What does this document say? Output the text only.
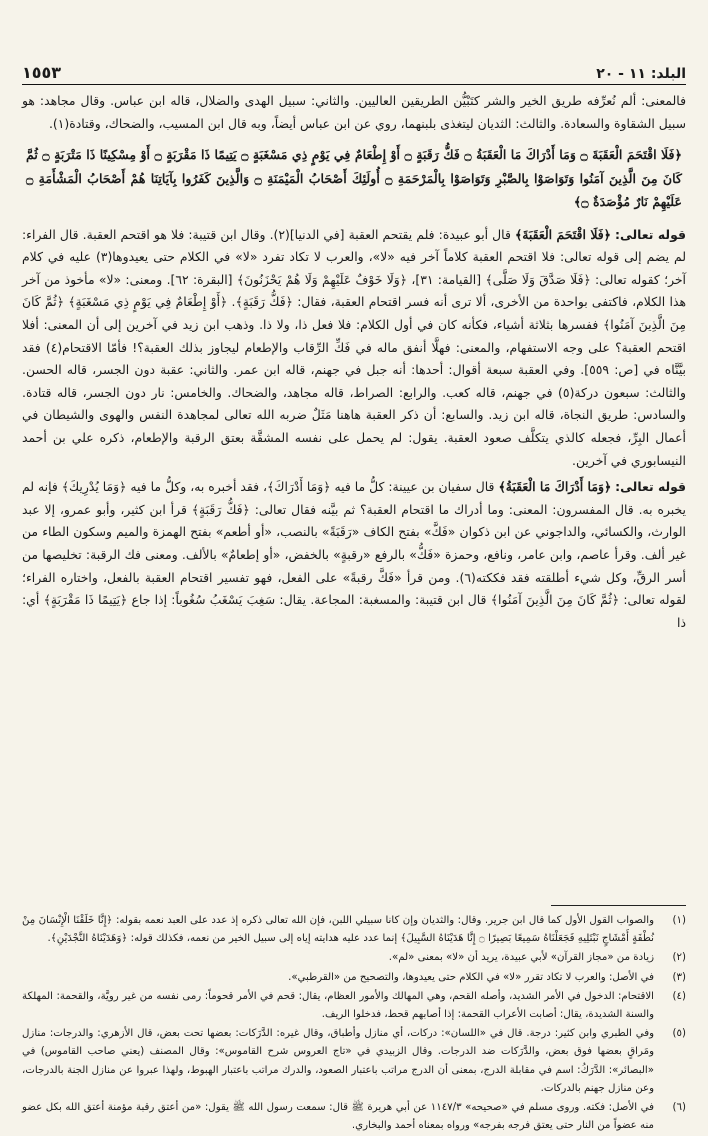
البلد: ١١ - ٢٠
١٥٥٣

فالمعنى: ألم نُعرِّفه طريق الخير والشر كتَبْيُّن الطريقين العاليين. والثاني: سبيل الهدى والضلال، قاله ابن عباس. وقال مجاهد: هو سبيل الشقاوة والسعادة. والثالث: الثديان ليتغذى بلبنهما، روي عن ابن عباس أيضاً، وبه قال ابن المسيب، والضحاك، وقتادة(١).

﴿فَلَا اقْتَحَمَ الْعَقَبَةَ ۝ وَمَا أَدْرَاكَ مَا الْعَقَبَةُ ۝ فَكُّ رَقَبَةٍ ۝ أَوْ إِطْعَامٌ فِي يَوْمٍ ذِي مَسْغَبَةٍ ۝ يَتِيمًا ذَا مَقْرَبَةٍ ۝ أَوْ مِسْكِينًا ذَا مَتْرَبَةٍ ۝ ثُمَّ كَانَ مِنَ الَّذِينَ آمَنُوا وَتَوَاصَوْا بِالصَّبْرِ وَتَوَاصَوْا بِالْمَرْحَمَةِ ۝ أُولَئِكَ أَصْحَابُ الْمَيْمَنَةِ ۝ وَالَّذِينَ كَفَرُوا بِآيَاتِنَا هُمْ أَصْحَابُ الْمَشْأَمَةِ ۝ عَلَيْهِمْ نَارٌ مُؤْصَدَةٌ ۝﴾

قوله تعالى: ﴿فَلَا اقْتَحَمَ الْعَقَبَةَ﴾ قال أبو عبيدة: فلم يقتحم العقبة [في الدنيا](٢). وقال ابن قتيبة: فلا هو اقتحم العقبة. قال الفراء: لم يضم إلى قوله تعالى: فلا اقتحم العقبة كلاماً آخر فيه «لا»، والعرب لا تكاد تفرد «لا» في الكلام حتى يعيدوها(٣) عليه في كلام آخر؛ كقوله تعالى: ﴿فَلَا صَدَّقَ وَلَا صَلَّى﴾ [القيامة: ٣١]، ﴿وَلَا خَوْفٌ عَلَيْهِمْ وَلَا هُمْ يَحْزَنُونَ﴾ [البقرة: ٦٢]. ومعنى: «لا» مأخوذ من آخر هذا الكلام، فاكتفى بواحدة من الأخرى، ألا ترى أنه فسر اقتحام العقبة، فقال: ﴿فَكُّ رَقَبَةٍ﴾. ﴿أَوْ إِطْعَامٌ فِي يَوْمٍ ذِي مَسْغَبَةٍ﴾ ﴿ثُمَّ كَانَ مِنَ الَّذِينَ آمَنُوا﴾ ففسرها بثلاثة أشياء، فكأنه كان في أول الكلام: فلا فعل ذا، ولا ذا. وذهب ابن زيد في آخرين إلى أن المعنى: أفلا اقتحم العقبة؟ على وجه الاستفهام، والمعنى: فهلَّا أنفق ماله في فَكِّ الرِّقاب والإطعام ليجاوز بذلك العقبة؟! فأمّا الاقتحام(٤) فقد بيَّنَّاه في [ص: ٥٥٩]. وفي العقبة سبعة أقوال: أحدها: أنه جبل في جهنم، قاله ابن عمر. والثاني: عقبة دون الجسر، قاله الحسن. والثالث: سبعون دركة(٥) في جهنم، قاله كعب. والرابع: الصراط، قاله مجاهد، والضحاك. والخامس: نار دون الجسر، قاله قتادة. والسادس: طريق النجاة، قاله ابن زيد. والسابع: أن ذكر العقبة هاهنا مَثَلٌ ضربه الله تعالى لمجاهدة النفس والهوى والشيطان في أعمال البِرِّ، فجعله كالذي يتكلَّف صعود العقبة. يقول: لم يحمل على نفسه المشقَّة بعتق الرقبة والإطعام، ذكره علي بن أحمد النيسابوري في آخرين.

قوله تعالى: ﴿وَمَا أَدْرَاكَ مَا الْعَقَبَةُ﴾ قال سفيان بن عيينة: كلُّ ما فيه ﴿وَمَا أَدْرَاكَ﴾، فقد أخبره به، وكلُّ ما فيه ﴿وَمَا يُدْرِيكَ﴾ فإنه لم يخبره به. قال المفسرون: المعنى: وما أدراك ما اقتحام العقبة؟ ثم بيَّنه فقال تعالى: ﴿فَكُّ رَقَبَةٍ﴾ قرأ ابن كثير، وأبو عمرو، إلا عبد الوارث، والكسائي، والداجوني عن ابن ذكوان «فَكَّ» بفتح الكاف «رَقَبَةً» بالنصب، «أو أطعم» بفتح الهمزة والميم وسكون الطاء من غير ألف. وقرأ عاصم، وابن عامر، ونافع، وحمزة «فَكُّ» بالرفع «رقبةٍ» بالخفض، «أو إطعامٌ» بالألف. ومعنى فك الرقبة: تخليصها من أسر الرقِّ، وكل شيء أطلقته فقد فككته(٦). ومن قرأ «فَكَّ رقبةً» على الفعل، فهو تفسير اقتحام العقبة بالفعل، واختاره الفراء؛ لقوله تعالى: ﴿ثُمَّ كَانَ مِنَ الَّذِينَ آمَنُوا﴾ قال ابن قتيبة: والمسغبة: المجاعة. يقال: سَغِبَ يَسْغَبُ سُغُوباً: إذا جاع ﴿يَتِيمًا ذَا مَقْرَبَةٍ﴾ أي: ذا

(١)
والصواب القول الأول كما قال ابن جرير. وقال: والثديان وإن كانا سبيلي اللبن، فإن الله تعالى ذكره إذ عدد على العبد نعمه بقوله: ﴿إِنَّا خَلَقْنَا الْإِنْسَانَ مِنْ نُطْفَةٍ أَمْشَاجٍ نَبْتَلِيهِ فَجَعَلْنَاهُ سَمِيعًا بَصِيرًا ۝ إِنَّا هَدَيْنَاهُ السَّبِيلَ﴾ إنما عدد عليه هدايته إياه إلى سبيل الخير من نعمه، فكذلك قوله: ﴿وَهَدَيْنَاهُ النَّجْدَيْنِ﴾.
(٢)
زيادة من «مجاز القرآن» لأبي عبيدة، يريد أن «لا» بمعنى «لم».
(٣)
في الأصل: والعرب لا تكاد تقرر «لا» في الكلام حتى يعيدوها، والتصحيح من «القرطبي».
(٤)
الاقتحام: الدخول في الأمر الشديد، وأصله القحم، وهي المهالك والأمور العظام، يقال: قحم في الأمر قحوماً: رمى نفسه من غير رويَّة، والقحمة: المهلكة والسنة الشديدة، يقال: أصابت الأعراب القحمة: إذا أصابهم قحط، فدخلوا الريف.
(٥)
وفي الطبري وابن كثير: درجة. قال في «اللسان»: دركات، أي منازل وأطباق، وقال غيره: الدَّرَكات: بعضها تحت بعض، قال الأزهري: والدرجات: منازل ومَراقٍ بعضها فوق بعض، والدَّرَكات ضد الدرجات. وقال الزبيدي في «تاج العروس شرح القاموس»: وقال المصنف (يعني صاحب القاموس) في «البصائر»: الدَّرَكُ: اسم في مقابلة الدرج، بمعنى أن الدرج مراتب باعتبار الصعود، والدرك مراتب باعتبار الهبوط، ولهذا عبروا عن منازل الجنة بالدرجات، وعن منازل جهنم بالدركات.
(٦)
في الأصل: فكته. وروى مسلم في «صحيحه» ١١٤٧/٣ عن أبي هريرة ﷺ قال: سمعت رسول الله ﷺ يقول: «من أعتق رقبة مؤمنة أعتق الله بكل عضو منه عضواً من النار حتى يعتق فرجه بفرجه» ورواه بمعناه أحمد والبخاري.
